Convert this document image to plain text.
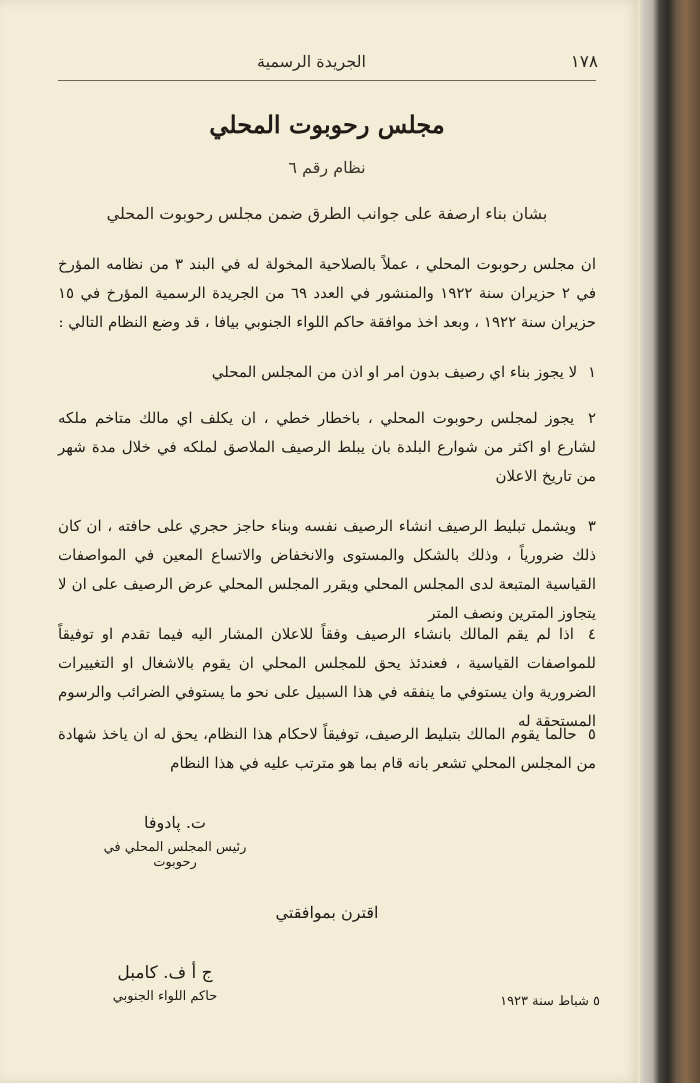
الجريدة الرسمية	١٧٨
مجلس رحوبوت المحلي
نظام رقم ٦
بشان بناء ارصفة على جوانب الطرق ضمن مجلس رحوبوت المحلي
ان مجلس رحوبوت المحلي ، عملاً بالصلاحية المخولة له في البند ٣ من نظامه المؤرخ في ٢ حزيران سنة ١٩٢٢ والمنشور في العدد ٦٩ من الجريدة الرسمية المؤرخ في ١٥ حزيران سنة ١٩٢٢ ، وبعد اخذ موافقة حاكم اللواء الجنوبي بيافا ، قد وضع النظام التالي :
١ لا يجوز بناء اي رصيف بدون امر او اذن من المجلس المحلي
٢ يجوز لمجلس رحوبوت المحلي ، باخطار خطي ، ان يكلف اي مالك متاخم ملكه لشارع او اكثر من شوارع البلدة بان يبلط الرصيف الملاصق لملكه في خلال مدة شهر من تاريخ الاعلان
٣ ويشمل تبليط الرصيف انشاء الرصيف نفسه وبناء حاجز حجري على حافته ، ان كان ذلك ضرورياً ، وذلك بالشكل والمستوى والانخفاض والاتساع المعين في المواصفات القياسية المتبعة لدى المجلس المحلي ويقرر المجلس المحلي عرض الرصيف على ان لا يتجاوز المترين ونصف المتر
٤ اذا لم يقم المالك بانشاء الرصيف وفقاً للاعلان المشار اليه فيما تقدم او توفيقاً للمواصفات القياسية ، فعندئذ يحق للمجلس المحلي ان يقوم بالاشغال او التغييرات الضرورية وان يستوفي ما ينفقه في هذا السبيل على نحو ما يستوفي الضرائب والرسوم المستحقة له
٥ حالما يقوم المالك بتبليط الرصيف، توفيقاً لاحكام هذا النظام، يحق له ان ياخذ شهادة من المجلس المحلي تشعر بانه قام بما هو مترتب عليه في هذا النظام
ت. پادوفا
رئيس المجلس المحلي في رحوبوت
اقترن بموافقتي
ج أ ف. كامبل
حاكم اللواء الجنوبي	٥ شباط سنة ١٩٢٣
